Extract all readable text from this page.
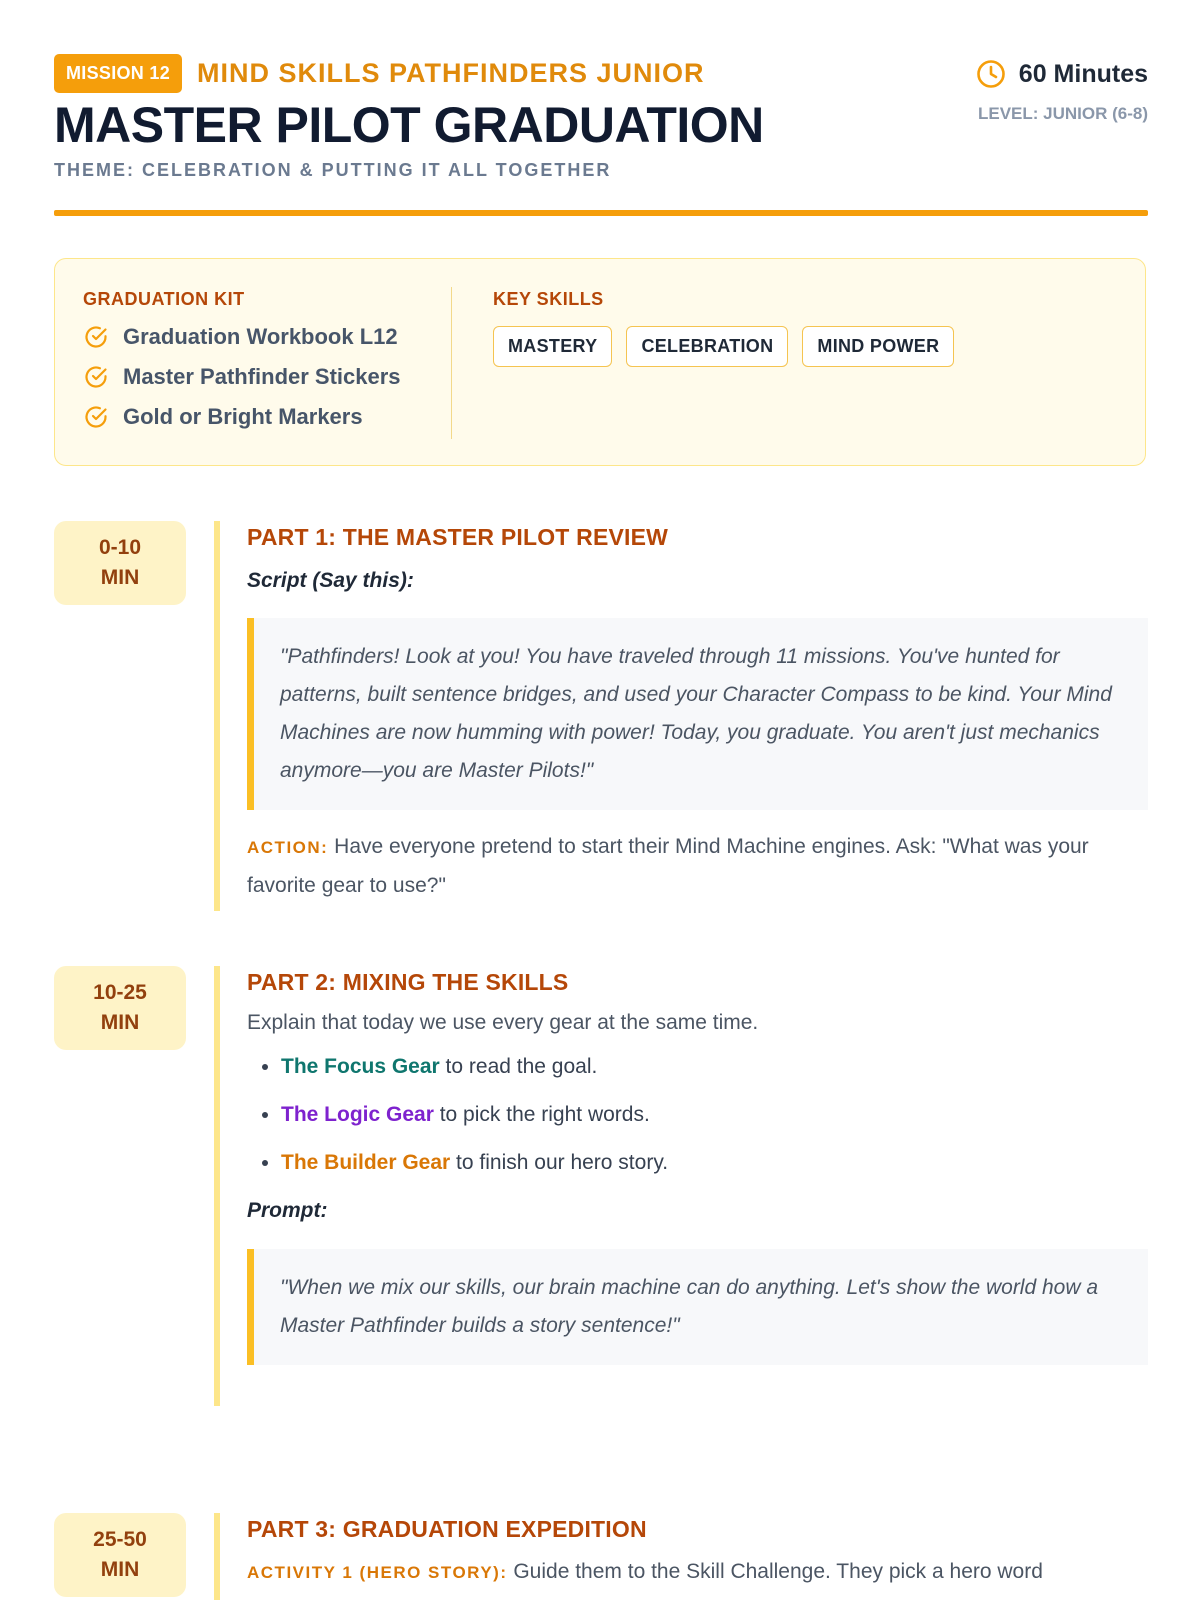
MISSION 12	MIND SKILLS PATHFINDERS JUNIOR
MASTER PILOT GRADUATION
THEME: CELEBRATION & PUTTING IT ALL TOGETHER
60 Minutes
LEVEL: JUNIOR (6-8)
GRADUATION KIT
Graduation Workbook L12
Master Pathfinder Stickers
Gold or Bright Markers
KEY SKILLS
MASTERY	CELEBRATION	MIND POWER
0-10
MIN
PART 1: THE MASTER PILOT REVIEW
Script (Say this):
"Pathfinders! Look at you! You have traveled through 11 missions. You've hunted for patterns, built sentence bridges, and used your Character Compass to be kind. Your Mind Machines are now humming with power! Today, you graduate. You aren't just mechanics anymore—you are Master Pilots!"
ACTION: Have everyone pretend to start their Mind Machine engines. Ask: "What was your favorite gear to use?"
10-25
MIN
PART 2: MIXING THE SKILLS
Explain that today we use every gear at the same time.
• The Focus Gear to read the goal.
• The Logic Gear to pick the right words.
• The Builder Gear to finish our hero story.
Prompt:
"When we mix our skills, our brain machine can do anything. Let's show the world how a Master Pathfinder builds a story sentence!"
25-50
MIN
PART 3: GRADUATION EXPEDITION
ACTIVITY 1 (HERO STORY): Guide them to the Skill Challenge. They pick a hero word
